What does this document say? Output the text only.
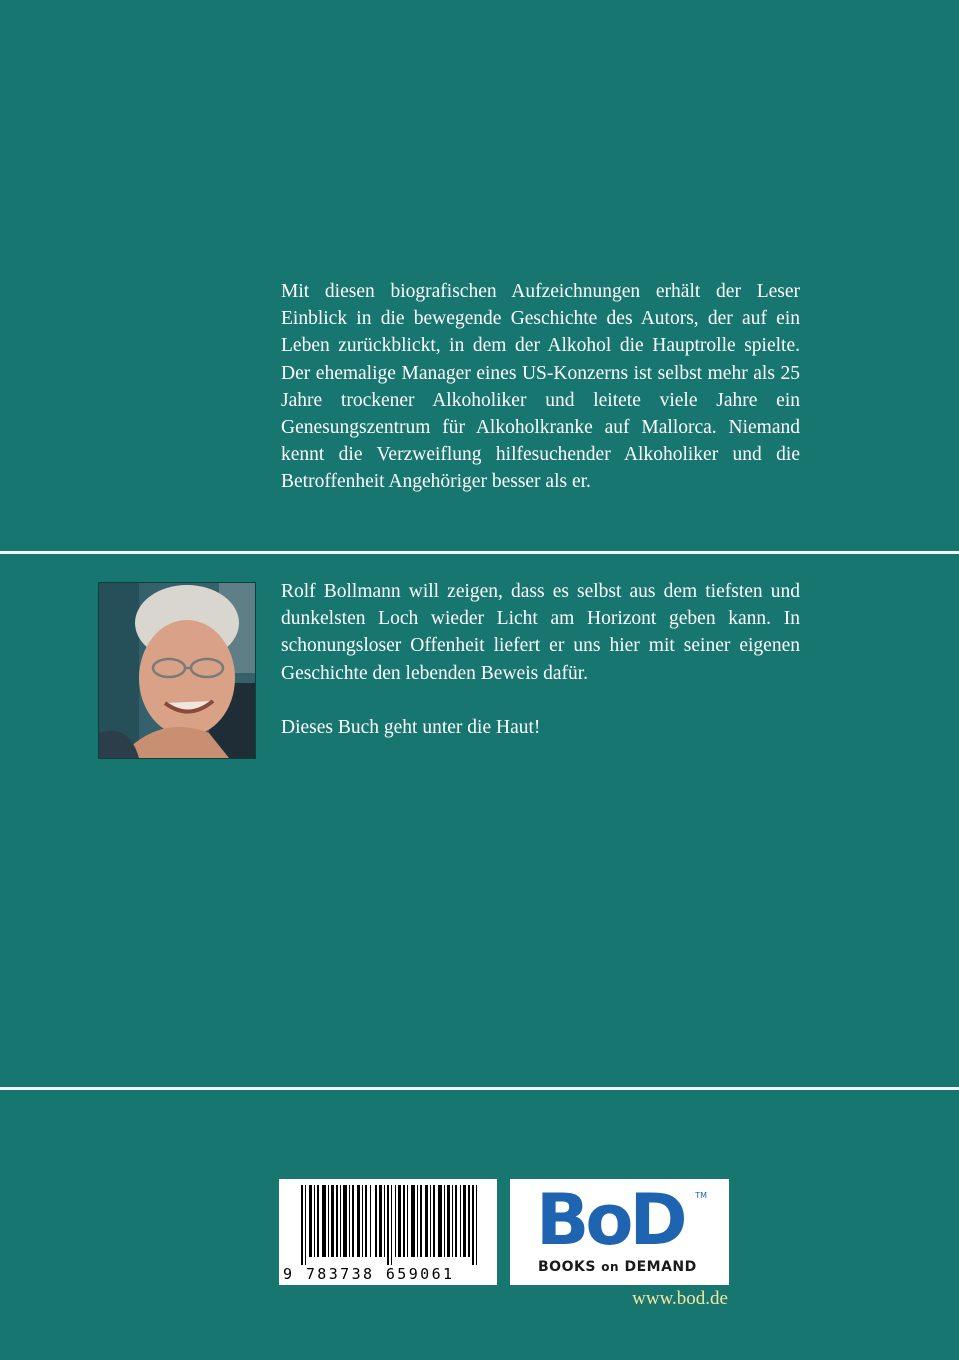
Mit diesen biografischen Aufzeichnungen erhält der Leser Einblick in die bewegende Geschichte des Autors, der auf ein Leben zurückblickt, in dem der Alkohol die Hauptrolle spielte. Der ehemalige Manager eines US-Konzerns ist selbst mehr als 25 Jahre trockener Alkoholiker und leitete viele Jahre ein Genesungszentrum für Alkoholkranke auf Mallorca. Niemand kennt die Verzweiflung hilfesuchender Alkoholiker und die Betroffenheit Angehöriger besser als er.

Rolf Bollmann will zeigen, dass es selbst aus dem tiefsten und dunkelsten Loch wieder Licht am Horizont geben kann. In schonungsloser Offenheit liefert er uns hier mit seiner eigenen Geschichte den lebenden Beweis dafür.

Dieses Buch geht unter die Haut!

9 783738 659061
BoD TM
BOOKS on DEMAND
www.bod.de
